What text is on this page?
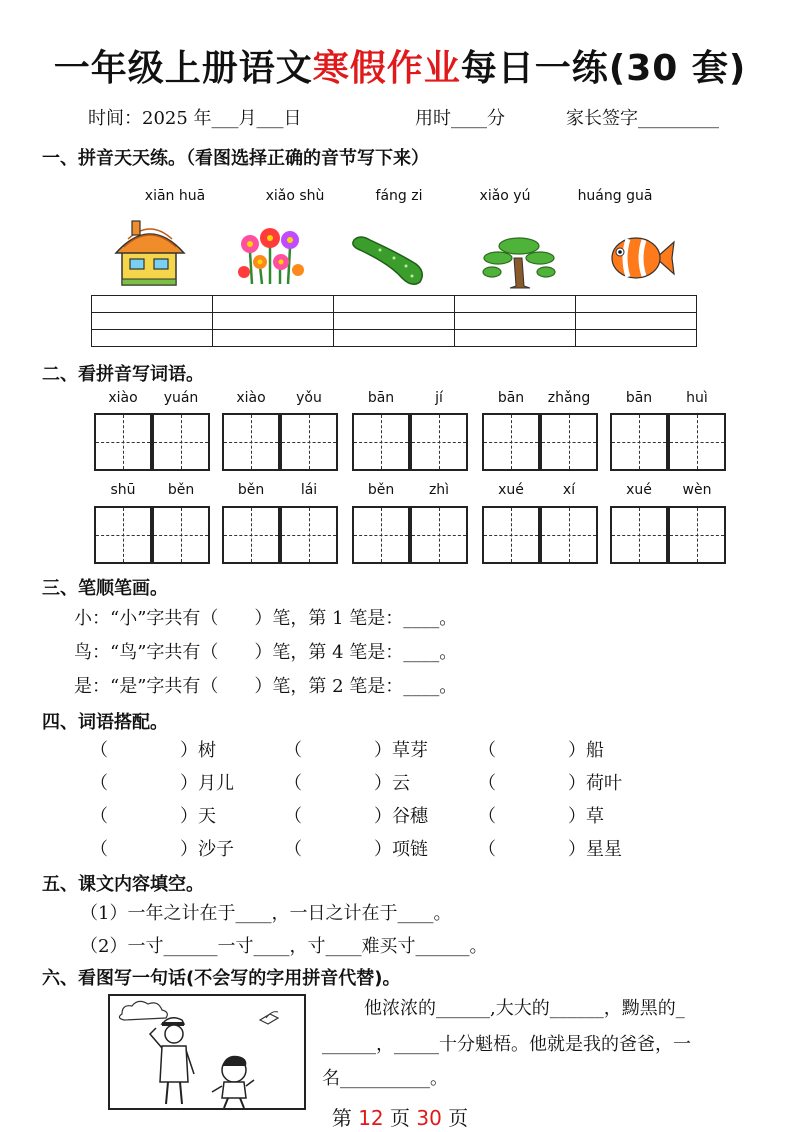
一年级上册语文寒假作业每日一练(30 套)
时间：2025 年___月___日	用时____分	家长签字_________
一、拼音天天练。（看图选择正确的音节写下来）
xiān huā	xiǎo shù	fáng zi	xiǎo yú	huáng guā

二、看拼音写词语。
xiào	yuán	xiào	yǒu	bān	jí	bān	zhǎng	bān	huì
shū	běn	běn	lái	běn	zhì	xué	xí	xué	wèn
三、笔顺笔画。
小：“小”字共有（　　）笔，第 1 笔是：____。
鸟：“鸟”字共有（　　）笔，第 4 笔是：____。
是：“是”字共有（　　）笔，第 2 笔是：____。
四、词语搭配。
（　　　　）树	（　　　　）草芽	（　　　　）船
（　　　　）月儿	（　　　　）云	（　　　　）荷叶
（　　　　）天	（　　　　）谷穗	（　　　　）草
（　　　　）沙子	（　　　　）项链	（　　　　）星星
五、课文内容填空。
（1）一年之计在于____，一日之计在于____。
（2）一寸______一寸____，寸____难买寸______。
六、看图写一句话(不会写的字用拼音代替)。
他浓浓的______,大大的______，黝黑的_
______，_____十分魁梧。他就是我的爸爸，一
名__________。
第 12 页 30 页
